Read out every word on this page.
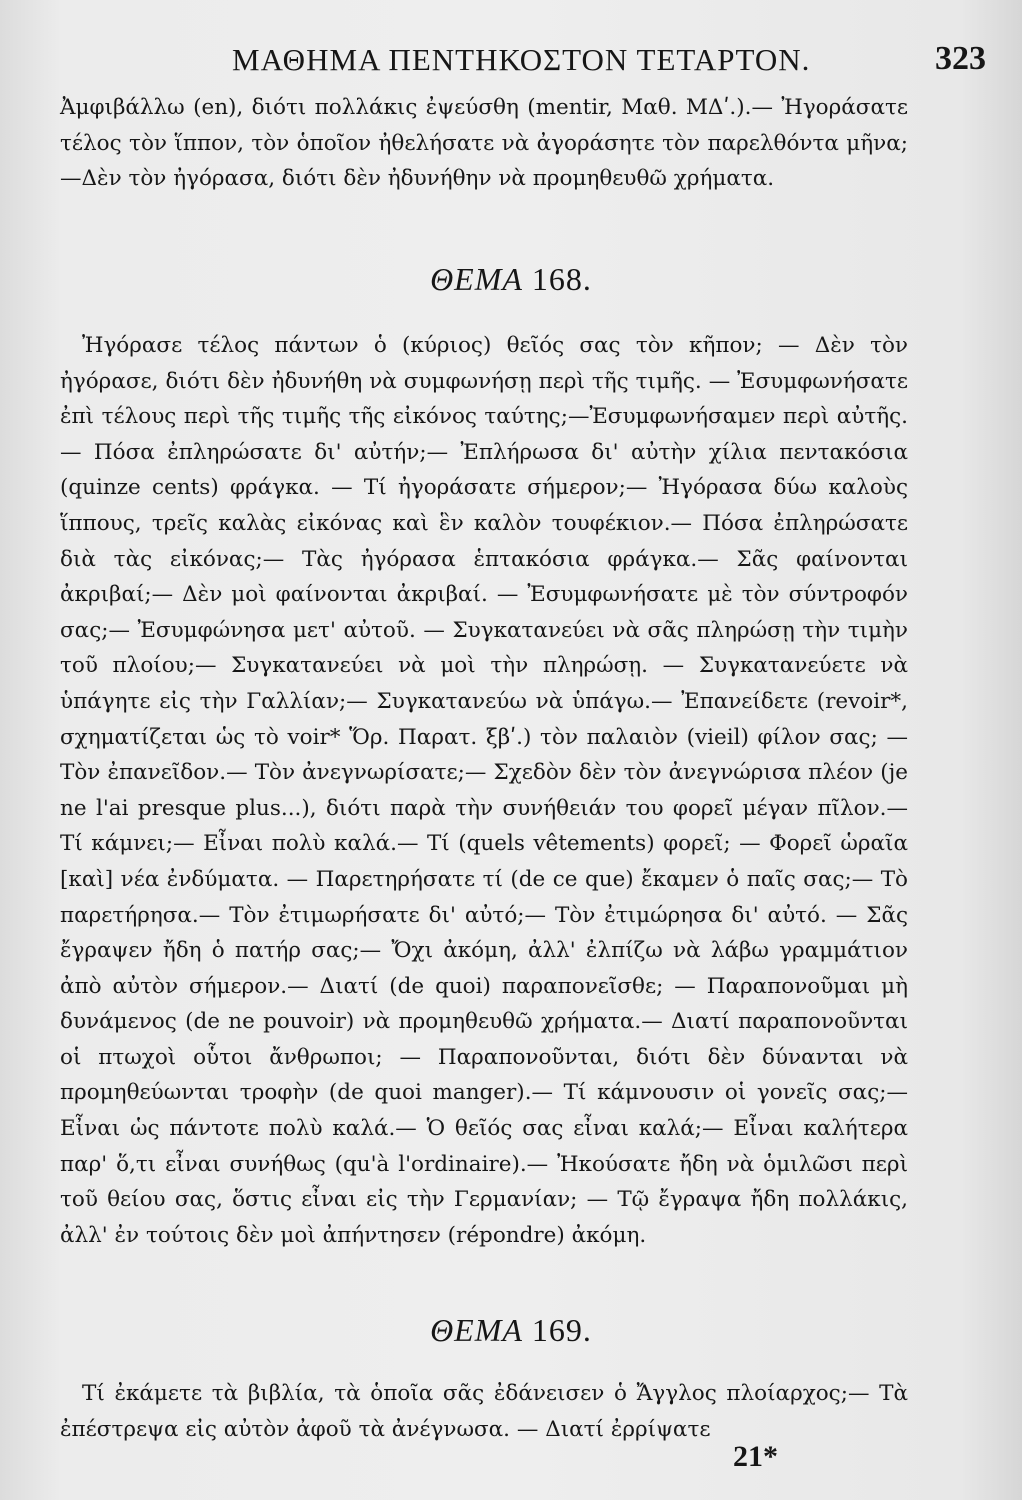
ΜΑΘΗΜΑ ΠΕΝΤΗΚΟΣΤΟΝ ΤΕΤΑΡΤΟΝ.	323

Ἀμφιβάλλω (en), διότι πολλάκις ἐψεύσθη (mentir, Μαθ. ΜΔʹ.).— Ἠγοράσατε τέλος τὸν ἵππον, τὸν ὁποῖον ἠθελήσατε νὰ ἀγοράσητε τὸν παρελθόντα μῆνα;—Δὲν τὸν ἠγόρασα, διότι δὲν ἠδυνήθην νὰ προμηθευθῶ χρήματα.

ΘΕΜΑ 168.

Ἠγόρασε τέλος πάντων ὁ (κύριος) θεῖός σας τὸν κῆπον; — Δὲν τὸν ἠγόρασε, διότι δὲν ἠδυνήθη νὰ συμφωνήσῃ περὶ τῆς τιμῆς. — Ἐσυμφωνήσατε ἐπὶ τέλους περὶ τῆς τιμῆς τῆς εἰκόνος ταύτης;—Ἐσυμφωνήσαμεν περὶ αὐτῆς.— Πόσα ἐπληρώσατε δι' αὐτήν;— Ἐπλήρωσα δι' αὐτὴν χίλια πεντακόσια (quinze cents) φράγκα. — Τί ἠγοράσατε σήμερον;— Ἠγόρασα δύω καλοὺς ἵππους, τρεῖς καλὰς εἰκόνας καὶ ἓν καλὸν τουφέκιον.— Πόσα ἐπληρώσατε διὰ τὰς εἰκόνας;— Τὰς ἠγόρασα ἑπτακόσια φράγκα.— Σᾶς φαίνονται ἀκριβαί;— Δὲν μοὶ φαίνονται ἀκριβαί. — Ἐσυμφωνήσατε μὲ τὸν σύντροφόν σας;— Ἐσυμφώνησα μετ' αὐτοῦ. — Συγκατανεύει νὰ σᾶς πληρώσῃ τὴν τιμὴν τοῦ πλοίου;— Συγκατανεύει νὰ μοὶ τὴν πληρώσῃ. — Συγκατανεύετε νὰ ὑπάγητε εἰς τὴν Γαλλίαν;— Συγκατανεύω νὰ ὑπάγω.— Ἐπανείδετε (revoir*, σχηματίζεται ὡς τὸ voir* Ὅρ. Παρατ. ξβʹ.) τὸν παλαιὸν (vieil) φίλον σας; — Τὸν ἐπανεῖδον.— Τὸν ἀνεγνωρίσατε;— Σχεδὸν δὲν τὸν ἀνεγνώρισα πλέον (je ne l'ai presque plus...), διότι παρὰ τὴν συνήθειάν του φορεῖ μέγαν πῖλον.— Τί κάμνει;— Εἶναι πολὺ καλά.— Τί (quels vêtements) φορεῖ; — Φορεῖ ὡραῖα [καὶ] νέα ἐνδύματα. — Παρετηρήσατε τί (de ce que) ἔκαμεν ὁ παῖς σας;— Τὸ παρετήρησα.— Τὸν ἐτιμωρήσατε δι' αὐτό;— Τὸν ἐτιμώρησα δι' αὐτό. — Σᾶς ἔγραψεν ἤδη ὁ πατήρ σας;— Ὄχι ἀκόμη, ἀλλ' ἐλπίζω νὰ λάβω γραμμάτιον ἀπὸ αὐτὸν σήμερον.— Διατί (de quoi) παραπονεῖσθε; — Παραπονοῦμαι μὴ δυνάμενος (de ne pouvoir) νὰ προμηθευθῶ χρήματα.— Διατί παραπονοῦνται οἱ πτωχοὶ οὗτοι ἄνθρωποι; — Παραπονοῦνται, διότι δὲν δύνανται νὰ προμηθεύωνται τροφὴν (de quoi manger).— Τί κάμνουσιν οἱ γονεῖς σας;— Εἶναι ὡς πάντοτε πολὺ καλά.— Ὁ θεῖός σας εἶναι καλά;— Εἶναι καλήτερα παρ' ὅ,τι εἶναι συνήθως (qu'à l'ordinaire).— Ἠκούσατε ἤδη νὰ ὁμιλῶσι περὶ τοῦ θείου σας, ὅστις εἶναι εἰς τὴν Γερμανίαν; — Τῷ ἔγραψα ἤδη πολλάκις, ἀλλ' ἐν τούτοις δὲν μοὶ ἀπήντησεν (répondre) ἀκόμη.

ΘΕΜΑ 169.

Τί ἐκάμετε τὰ βιβλία, τὰ ὁποῖα σᾶς ἐδάνεισεν ὁ Ἄγγλος πλοίαρχος;— Τὰ ἐπέστρεψα εἰς αὐτὸν ἀφοῦ τὰ ἀνέγνωσα. — Διατί ἐρρίψατε

21*
